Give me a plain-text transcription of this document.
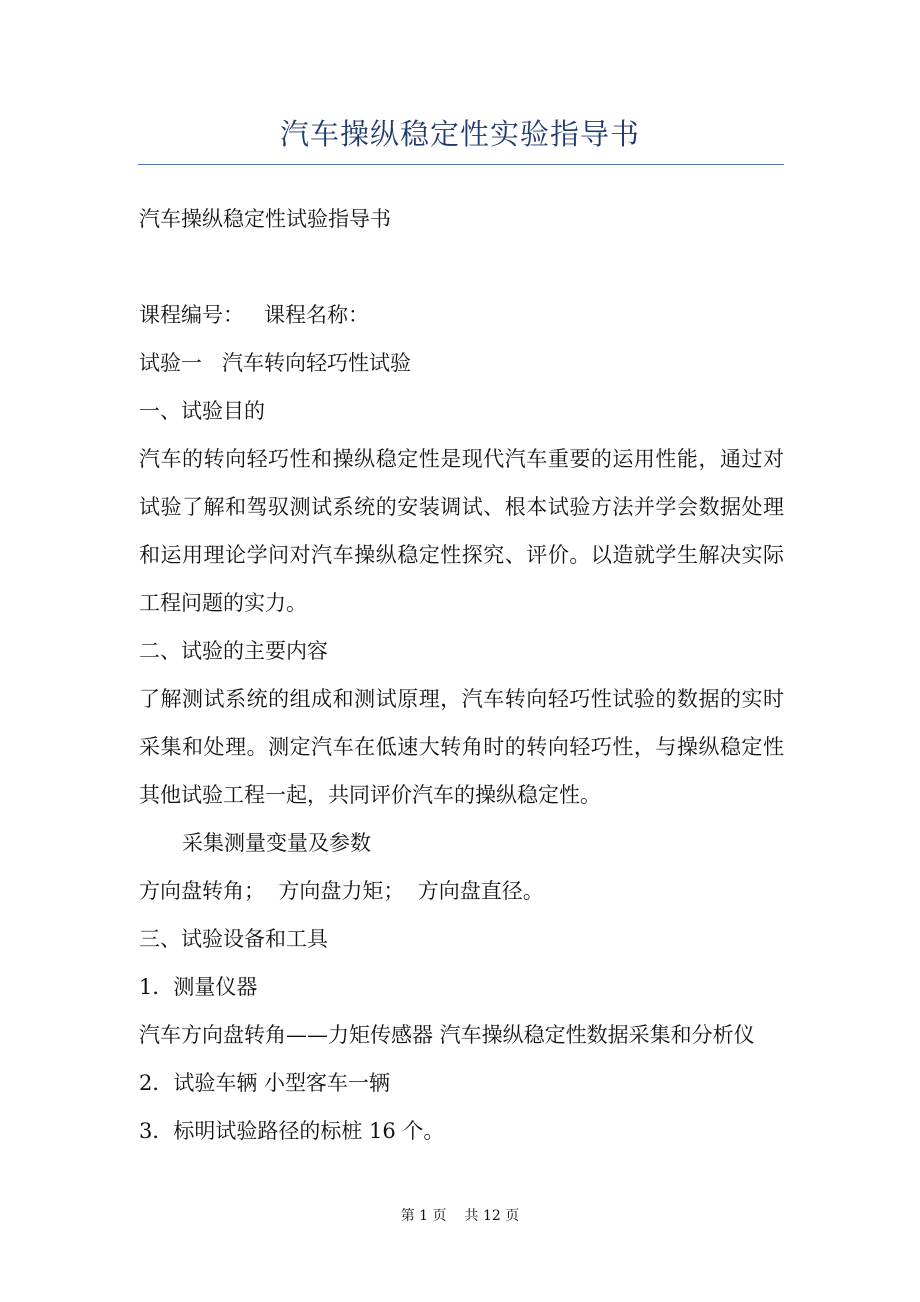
汽车操纵稳定性实验指导书
汽车操纵稳定性试验指导书
课程编号：   课程名称：
试验一   汽车转向轻巧性试验
一、试验目的
汽车的转向轻巧性和操纵稳定性是现代汽车重要的运用性能，通过对试验了解和驾驭测试系统的安装调试、根本试验方法并学会数据处理和运用理论学问对汽车操纵稳定性探究、评价。以造就学生解决实际工程问题的实力。
二、试验的主要内容
了解测试系统的组成和测试原理，汽车转向轻巧性试验的数据的实时采集和处理。测定汽车在低速大转角时的转向轻巧性，与操纵稳定性其他试验工程一起，共同评价汽车的操纵稳定性。
采集测量变量及参数
方向盘转角；  方向盘力矩；  方向盘直径。
三、试验设备和工具
1．测量仪器
汽车方向盘转角——力矩传感器 汽车操纵稳定性数据采集和分析仪
2．试验车辆 小型客车一辆
3．标明试验路径的标桩 16 个。
第 1 页 共 12 页
